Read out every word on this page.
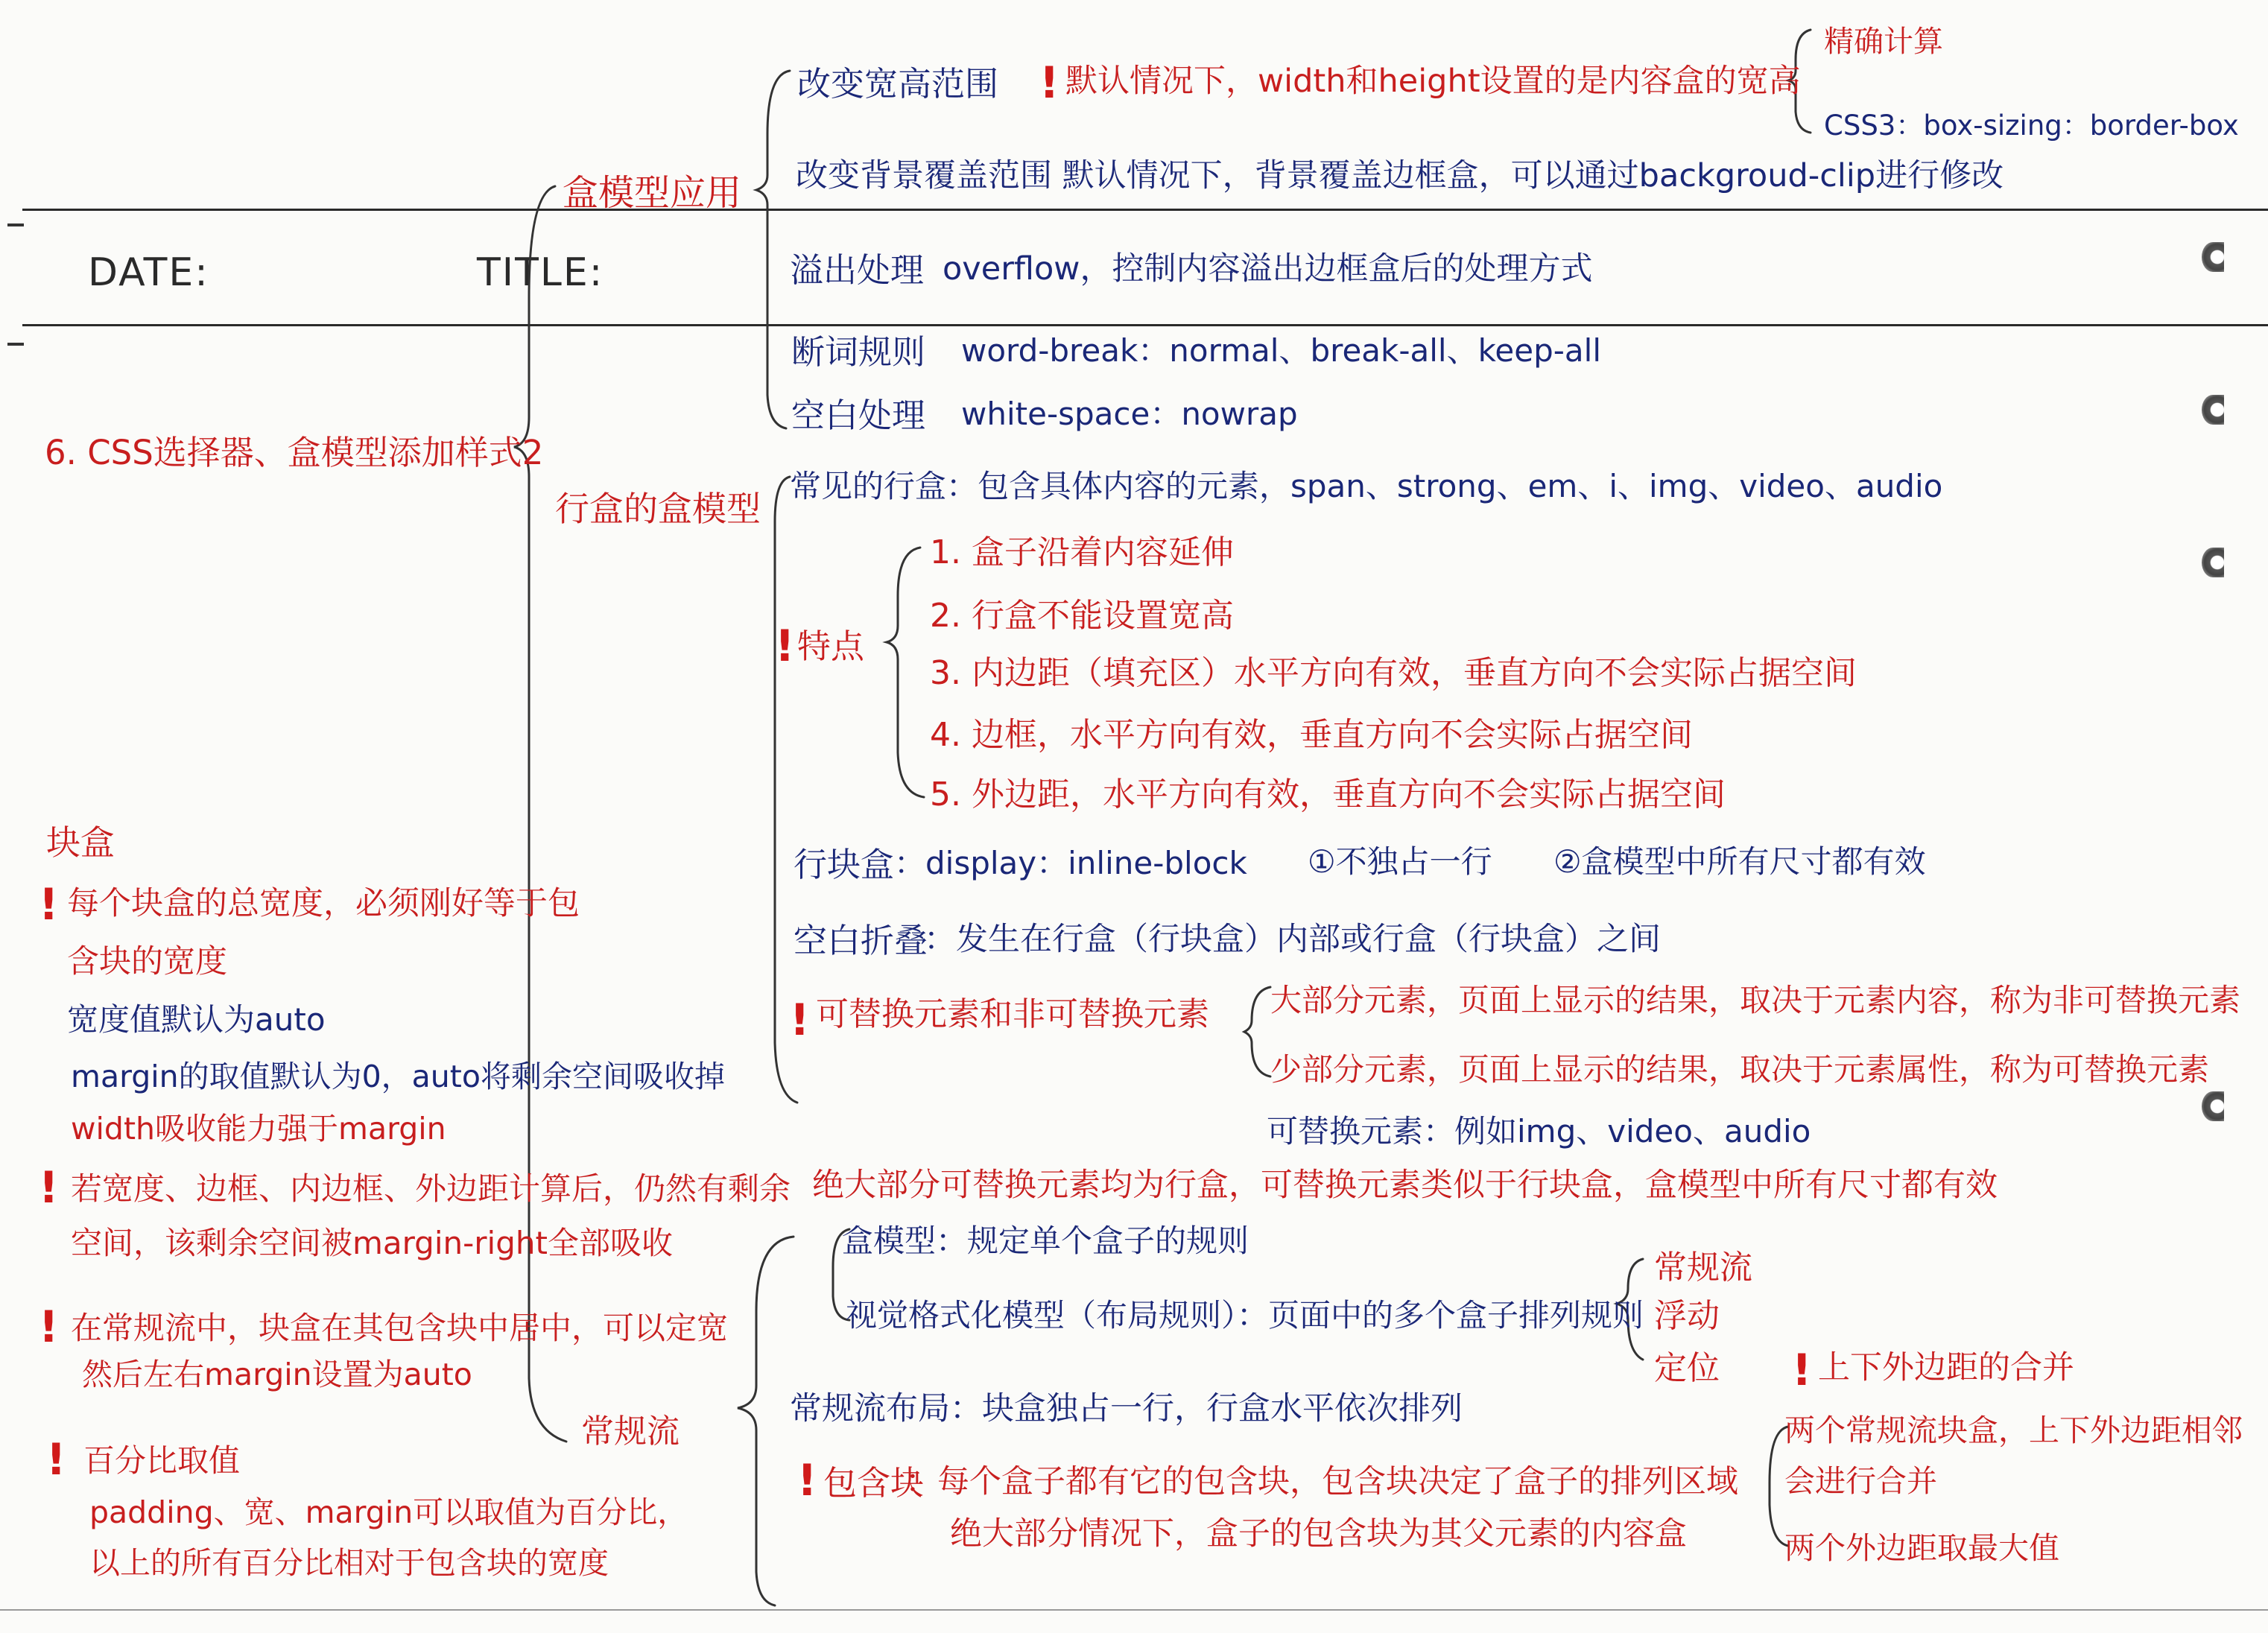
DATE:	TITLE:
6. CSS选择器、盒模型添加样式2
盒模型应用
改变宽高范围 ! 默认情况下，width和height设置的是内容盒的宽高
精确计算
CSS3：box-sizing：border-box
改变背景覆盖范围 默认情况下，背景覆盖边框盒，可以通过backgroud-clip进行修改
溢出处理 overflow，控制内容溢出边框盒后的处理方式
断词规则 word-break：normal、break-all、keep-all
空白处理 white-space：nowrap
行盒的盒模型
常见的行盒：包含具体内容的元素，span、strong、em、i、img、video、audio
! 特点
1. 盒子沿着内容延伸
2. 行盒不能设置宽高
3. 内边距（填充区）水平方向有效，垂直方向不会实际占据空间
4. 边框，水平方向有效，垂直方向不会实际占据空间
5. 外边距，水平方向有效，垂直方向不会实际占据空间
行块盒 ：display：inline-block ①不独占一行 ②盒模型中所有尺寸都有效
空白折叠
：发生在行盒（行块盒）内部或行盒（行块盒）之间
! 可替换元素和非可替换元素 大部分元素，页面上显示的结果，取决于元素内容，称为非可替换元素
少部分元素，页面上显示的结果，取决于元素属性，称为可替换元素
可替换元素：例如img、video、audio
绝大部分可替换元素均为行盒，可替换元素类似于行块盒，盒模型中所有尺寸都有效
常规流
盒模型：规定单个盒子的规则
视觉格式化模型（布局规则）：页面中的多个盒子排列规则
常规流
浮动
定位
常规流布局：块盒独占一行，行盒水平依次排列
! 包含块
：每个盒子都有它的包含块，包含块决定了盒子的排列区域
绝大部分情况下，盒子的包含块为其父元素的内容盒
! 上下外边距的合并
两个常规流块盒，上下外边距相邻
会进行合并
两个外边距取最大值
块盒
! 每个块盒的总宽度，必须刚好等于包
含块的宽度
宽度值默认为auto
margin的取值默认为0，auto将剩余空间吸收掉
width吸收能力强于margin
! 若宽度、边框、内边框、外边距计算后，仍然有剩余
空间，该剩余空间被margin-right全部吸收
! 在常规流中，块盒在其包含块中居中，可以定宽
然后左右margin设置为auto
! 百分比取值
padding、宽、margin可以取值为百分比，
以上的所有百分比相对于包含块的宽度
